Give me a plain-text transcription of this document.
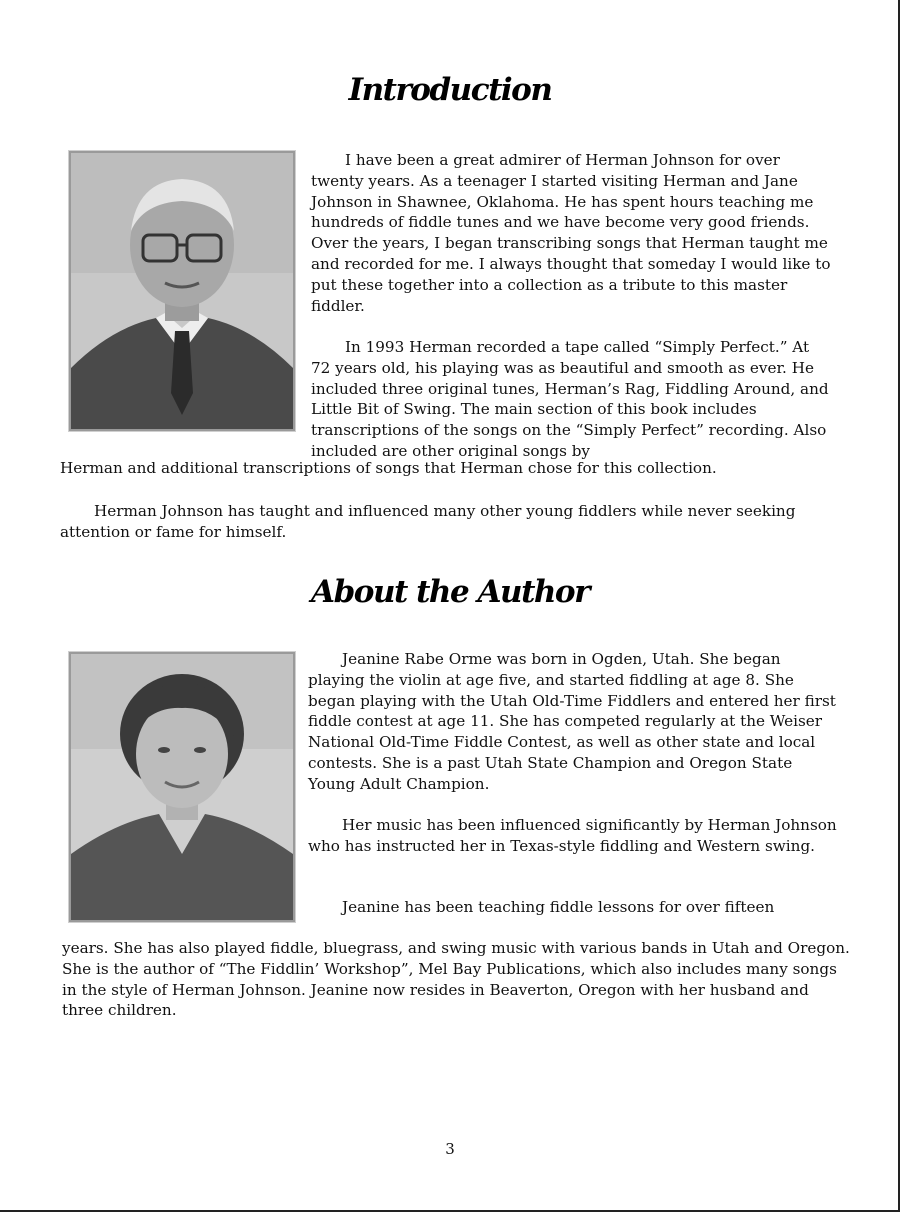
Introduction

I have been a great admirer of Herman Johnson for over twenty years. As a teenager I started visiting Herman and Jane Johnson in Shawnee, Oklahoma. He has spent hours teaching me hundreds of fiddle tunes and we have become very good friends. Over the years, I began transcribing songs that Herman taught me and recorded for me. I always thought that someday I would like to put these together into a collection as a tribute to this master fiddler.

In 1993 Herman recorded a tape called “Simply Perfect.” At 72 years old, his playing was as beautiful and smooth as ever. He included three original tunes, Herman’s Rag, Fiddling Around, and Little Bit of Swing. The main section of this book includes transcriptions of the songs on the “Simply Perfect” recording. Also included are other original songs by

Herman and additional transcriptions of songs that Herman chose for this collection.

Herman Johnson has taught and influenced many other young fiddlers while never seeking attention or fame for himself.

About the Author

Jeanine Rabe Orme was born in Ogden, Utah. She began playing the violin at age five, and started fiddling at age 8. She began playing with the Utah Old-Time Fiddlers and entered her first fiddle contest at age 11. She has competed regularly at the Weiser National Old-Time Fiddle Contest, as well as other state and local contests. She is a past Utah State Champion and Oregon State Young Adult Champion.

Her music has been influenced significantly by Herman Johnson who has instructed her in Texas-style fiddling and Western swing.

Jeanine has been teaching fiddle lessons for over fifteen

years. She has also played fiddle, bluegrass, and swing music with various bands in Utah and Oregon. She is the author of “The Fiddlin’ Workshop”, Mel Bay Publications, which also includes many songs in the style of Herman Johnson. Jeanine now resides in Beaverton, Oregon with her husband and three children.

3
